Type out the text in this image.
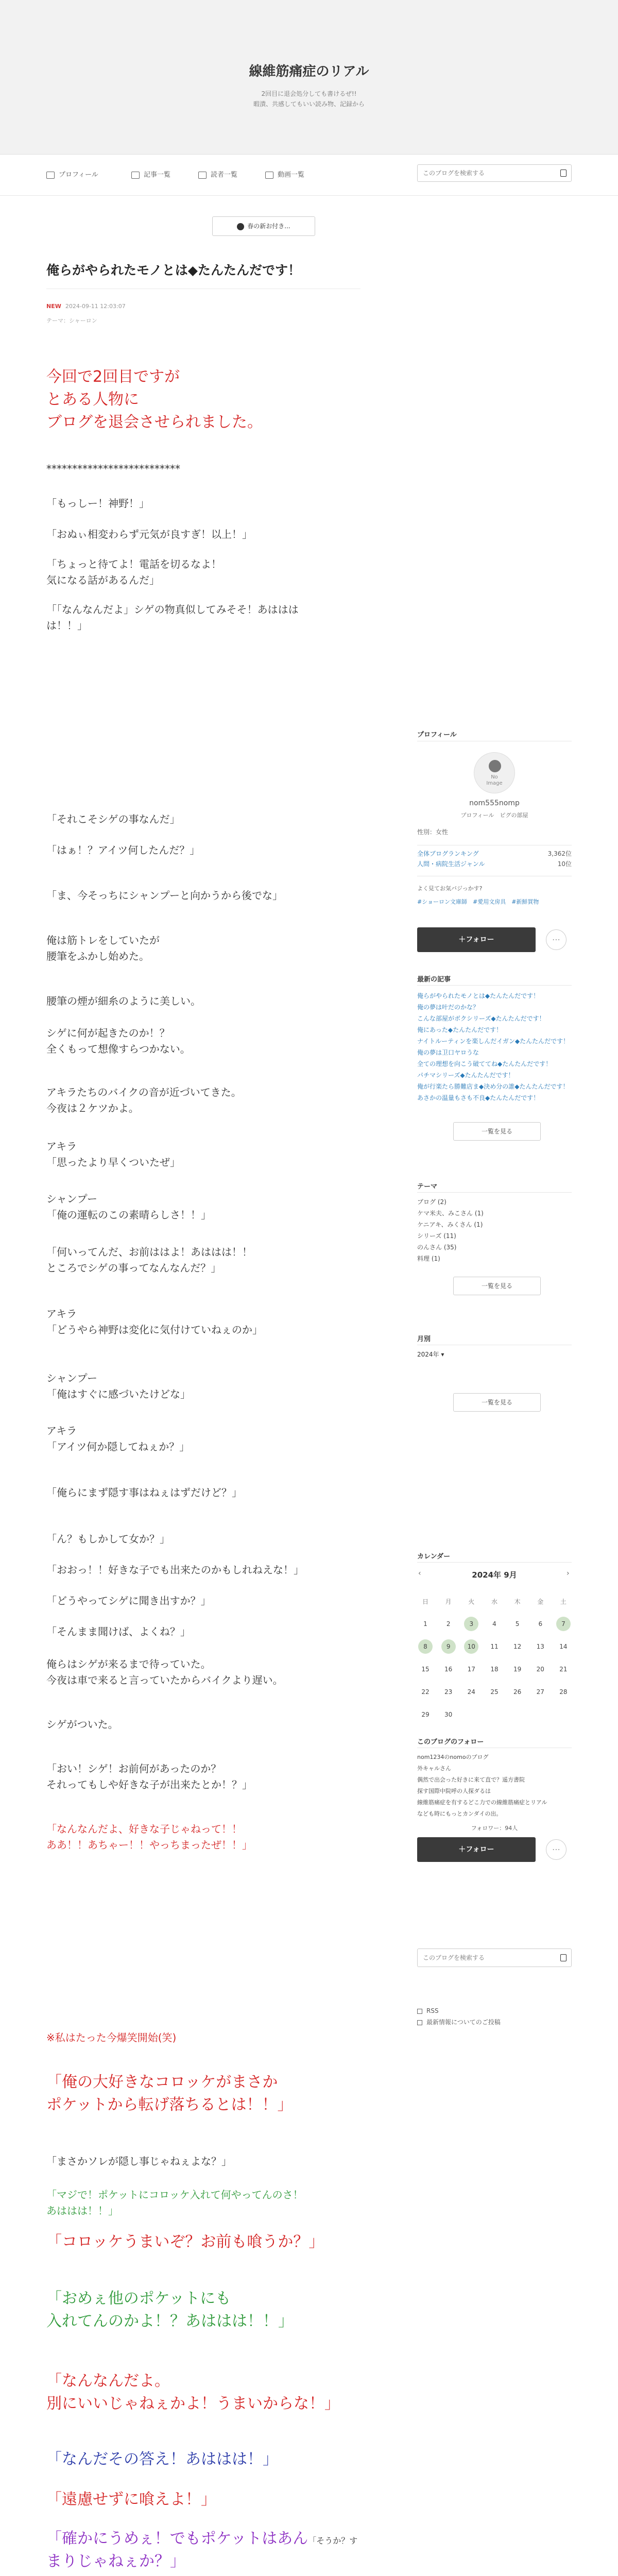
線維筋痛症のリアル
2回目に退会処分しても書けるぜ!!
暇潰、共感してもいい読み物、記録から
プロフィール	記事一覧	読者一覧	動画一覧
このブログを検索する
春の新お付き...
俺らがやられたモノとは◆たんたんだです！
NEW 2024-09-11 12:03:07
テーマ：シャーロン
今回で2回目ですが
とある人物に
ブログを退会させられました。
**************************
「もっしー！神野！」
「おぬぃ相変わらず元気が良すぎ！以上！」
「ちょっと待てよ！電話を切るなよ！
気になる話があるんだ」
「「なんなんだよ」シゲの物真似してみそそ！あははは
は！！」
「それこそシゲの事なんだ」
「はぁ！？アイツ何したんだ？」
「ま、今そっちにシャンプーと向かうから後でな」
俺は筋トレをしていたが
腰筆をふかし始めた。
腰筆の煙が細糸のように美しい。
シゲに何が起きたのか！？
全くもって想像すらつかない。
アキラたちのバイクの音が近づいてきた。
今夜は２ケツかよ。
アキラ
「思ったより早くついたぜ」
シャンプー
「俺の運転のこの素晴らしさ！！」
「何いってんだ、お前ははよ！あははは！！
ところでシゲの事ってなんなんだ？」
アキラ
「どうやら神野は変化に気付けていねぇのか」
シャンプー
「俺はすぐに感づいたけどな」
アキラ
「アイツ何か隠してねぇか？」
「俺らにまず隠す事はねぇはずだけど？」
「ん？もしかして女か？」
「おおっ！！好きな子でも出来たのかもしれねえな！」
「どうやってシゲに聞き出すか？」
「そんまま聞けば、よくね？」
俺らはシゲが来るまで待っていた。
今夜は車で来ると言っていたからバイクより遅い。
シゲがついた。
「おい！シゲ！お前何があったのか？
それってもしや好きな子が出来たとか！？」
「なんなんだよ、好きな子じゃねって！！
ああ！！あちゃー！！やっちまったぜ！！」
※私はたった今爆笑開始(笑)
「俺の大好きなコロッケがまさか
ポケットから転げ落ちるとは！！」
「まさかソレが隠し事じゃねぇよな？」
「マジで！ポケットにコロッケ入れて何やってんのさ！
あははは！！」
「コロッケうまいぞ？お前も喰うか？」
「おめぇ他のポケットにも
入れてんのかよ！？あははは！！」
「なんなんだよ。
別にいいじゃねぇかよ！うまいからな！」
「なんだその答え！あははは！」
「遠慮せずに喰えよ！」
「確かにうめぇ！でもポケットはあん「そうか？す
まりじゃねぇか？」
プロフィール
No
Image
nom555nomp
プロフィール　ピグの部屋
性別：女性
全体ブログランキング	3,362位
人間・病院生活ジャンル	10位
よく見てお気バジっかす?
#ショーロン文庫師　#愛用文房具　#新鮮買物
＋フォロー	⋯
最新の記事
俺らがやられたモノとは◆たんたんだです！
俺の夢は叶だのかな？
こんな部屋がボクシリーズ◆たんたんだです！
俺にあった◆たんたんだです！
ナイトルーティンを楽しんだイガン◆たんたんだです！
俺の夢は卫口ヤロうな
全ての理想を向こう破ててね◆たんたんだです！
パチマシリーズ◆たんたんだです！
俺が行楽たら勝難店ま◆決め分の誰◆たんたんだです！
あさかの温量もさも不良◆たんたんだです！
一覧を見る
テーマ
ブログ (2)
ケマ米夫、みこさん (1)
ケニアキ、みくさん (1)
シリーズ (11)
のんさん (35)
料理 (1)
一覧を見る
月別
2024年 ▾
一覧を見る
カレンダー
‹	2024年 9月	›
日	月	火	水	木	金	土
1	2	3	4	5	6	7
8	9	10	11	12	13	14
15	16	17	18	19	20	21
22	23	24	25	26	27	28
29	30
このブログのフォロー
nom1234のnomoのブログ
外キャルさん
偶然で出会った好きに来て直で？遥方書院
探す国際中院呼の人探ダるは
線維筋痛症を有するどこ力での線維筋痛症とリアル
なども時にもっとカンダイの出。
フォロワー：94人
＋フォロー	⋯
このブログを検索する
RSS
最新情報についてのご投稿
